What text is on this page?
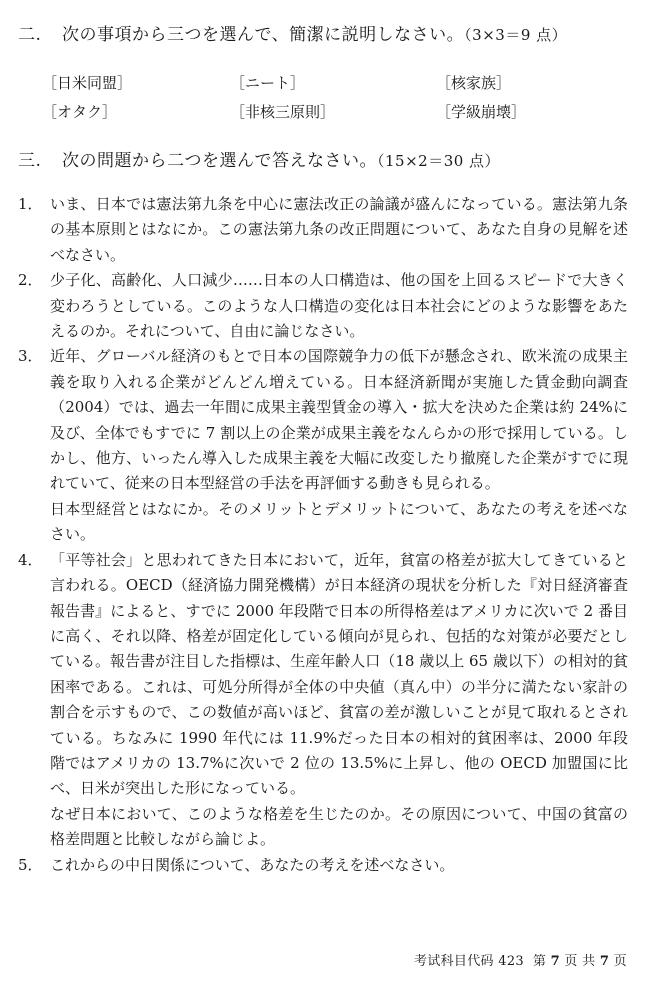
二. 次の事項から三つを選んで、簡潔に説明しなさい。（3×3＝9 点）
［日米同盟］	［ニート］	［核家族］
［オタク］	［非核三原則］	［学級崩壊］
三. 次の問題から二つを選んで答えなさい。（15×2＝30 点）
1． いま、日本では憲法第九条を中心に憲法改正の論議が盛んになっている。憲法第九条の基本原則とはなにか。この憲法第九条の改正問題について、あなた自身の見解を述べなさい。

2． 少子化、高齢化、人口減少……日本の人口構造は、他の国を上回るスピードで大きく変わろうとしている。このような人口構造の変化は日本社会にどのような影響をあたえるのか。それについて、自由に論じなさい。

3． 近年、グローバル経済のもとで日本の国際競争力の低下が懸念され、欧米流の成果主義を取り入れる企業がどんどん増えている。日本経済新聞が実施した賃金動向調査（2004）では、過去一年間に成果主義型賃金の導入・拡大を決めた企業は約 24%に及び、全体でもすでに 7 割以上の企業が成果主義をなんらかの形で採用している。しかし、他方、いったん導入した成果主義を大幅に改変したり撤廃した企業がすでに現れていて、従来の日本型経営の手法を再評価する動きも見られる。

日本型経営とはなにか。そのメリットとデメリットについて、あなたの考えを述べなさい。

4． 「平等社会」と思われてきた日本において，近年，貧富の格差が拡大してきていると言われる。OECD（経済協力開発機構）が日本経済の現状を分析した『対日経済審査報告書』によると、すでに 2000 年段階で日本の所得格差はアメリカに次いで 2 番目に高く、それ以降、格差が固定化している傾向が見られ、包括的な対策が必要だとしている。報告書が注目した指標は、生産年齢人口（18 歳以上 65 歳以下）の相対的貧困率である。これは、可処分所得が全体の中央値（真ん中）の半分に満たない家計の割合を示すもので、この数値が高いほど、貧富の差が激しいことが見て取れるとされている。ちなみに 1990 年代には 11.9%だった日本の相対的貧困率は、2000 年段階ではアメリカの 13.7%に次いで 2 位の 13.5%に上昇し、他の OECD 加盟国に比べ、日米が突出した形になっている。

なぜ日本において、このような格差を生じたのか。その原因について、中国の貧富の格差問題と比較しながら論じよ。

5． これからの中日関係について、あなたの考えを述べなさい。

考试科目代码 423 第 7 页 共 7 页
